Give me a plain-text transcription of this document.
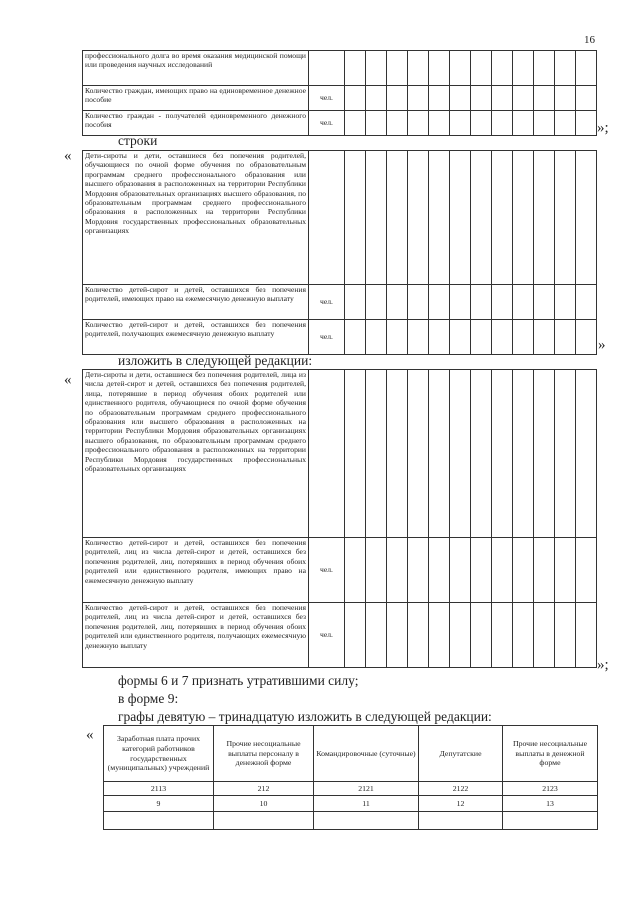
16
профессионального долга во время оказания медицинской помощи или проведения научных исследований													
Количество граждан, имеющих право на единовременное денежное пособие	чел.												
Количество граждан - получателей единовременного денежного пособия	чел.													»;
строки
« Дети-сироты и дети, оставшиеся без попечения родителей, обучающиеся по очной форме обучения по образовательным программам среднего профессионального образования или высшего образования в расположенных на территории Республики Мордовия образовательных организациях высшего образования, по образовательным программам среднего профессионального образования в расположенных на территории Республики Мордовия государственных профессиональных образовательных организациях													
Количество детей-сирот и детей, оставшихся без попечения родителей, имеющих право на ежемесячную денежную выплату	чел.												
Количество детей-сирот и детей, оставшихся без попечения родителей, получающих ежемесячную денежную выплату	чел.												
»
изложить в следующей редакции:
« Дети-сироты и дети, оставшиеся без попечения родителей, лица из числа детей-сирот и детей, оставшихся без попечения родителей, лица, потерявшие в период обучения обоих родителей или единственного родителя, обучающиеся по очной форме обучения по образовательным программам среднего профессионального образования или высшего образования в расположенных на территории Республики Мордовия образовательных организациях высшего образования, по образовательным программам среднего профессионального образования в расположенных на территории Республики Мордовия государственных профессиональных образовательных организациях													
Количество детей-сирот и детей, оставшихся без попечения родителей, лиц из числа детей-сирот и детей, оставшихся без попечения родителей, лиц, потерявших в период обучения обоих родителей или единственного родителя, имеющих право на ежемесячную денежную выплату	чел.												
Количество детей-сирот и детей, оставшихся без попечения родителей, лиц из числа детей-сирот и детей, оставшихся без попечения родителей, лиц, потерявших в период обучения обоих родителей или единственного родителя, получающих ежемесячную денежную выплату	чел.												
»;
формы 6 и 7 признать утратившими силу;
в форме 9:
графы девятую – тринадцатую изложить в следующей редакции:
«	Заработная плата прочих категорий работников государственных (муниципальных) учреждений	Прочие несоциальные выплаты персоналу в денежной форме	Командировочные (суточные)	Депутатские	Прочие несоциальные выплаты в денежной форме
2113	212	2121	2122	2123
9	10	11	12	13
